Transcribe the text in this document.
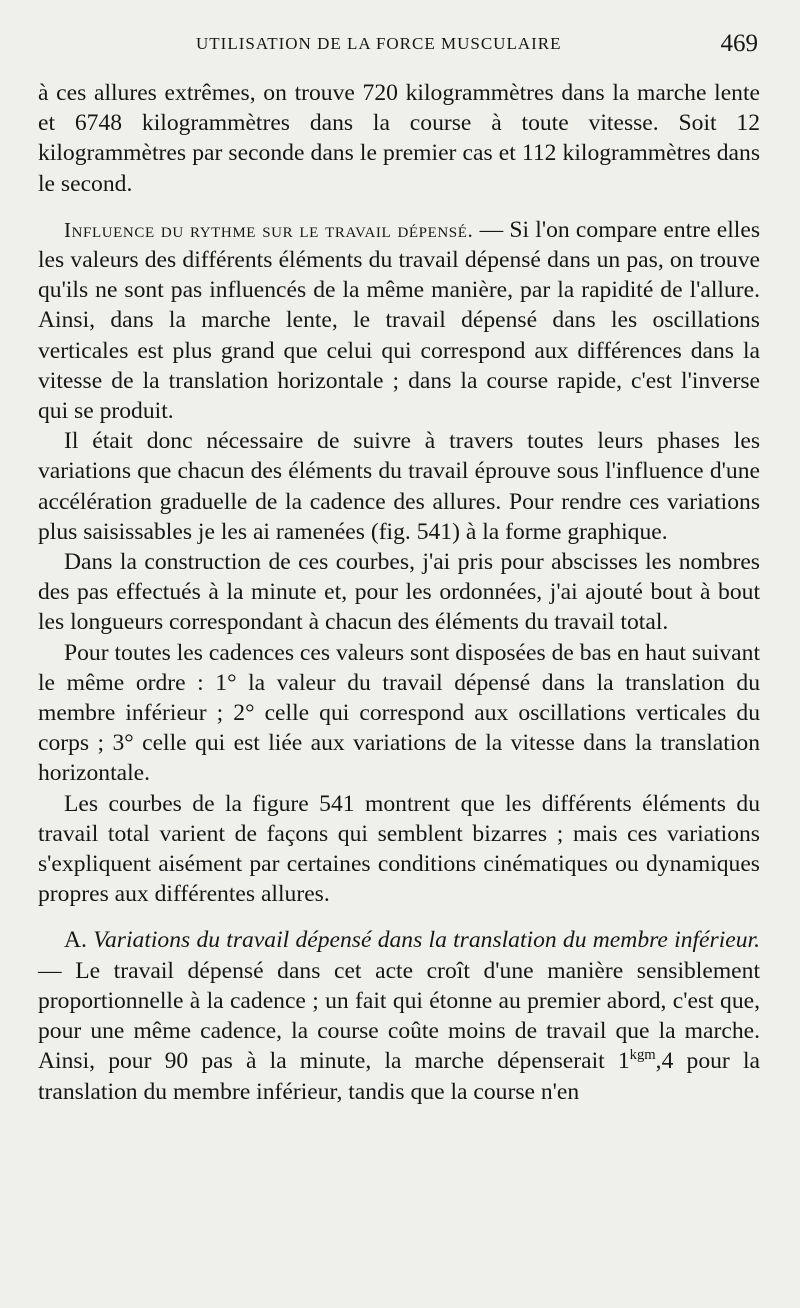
UTILISATION DE LA FORCE MUSCULAIRE	469

à ces allures extrêmes, on trouve 720 kilogrammètres dans la marche lente et 6748 kilogrammètres dans la course à toute vitesse. Soit 12 kilogrammètres par seconde dans le premier cas et 112 kilogrammètres dans le second.

Influence du rythme sur le travail dépensé. — Si l'on compare entre elles les valeurs des différents éléments du travail dépensé dans un pas, on trouve qu'ils ne sont pas influencés de la même manière, par la rapidité de l'allure. Ainsi, dans la marche lente, le travail dépensé dans les oscillations verticales est plus grand que celui qui correspond aux différences dans la vitesse de la translation horizontale ; dans la course rapide, c'est l'inverse qui se produit.

Il était donc nécessaire de suivre à travers toutes leurs phases les variations que chacun des éléments du travail éprouve sous l'influence d'une accélération graduelle de la cadence des allures. Pour rendre ces variations plus saisissables je les ai ramenées (fig. 541) à la forme graphique.

Dans la construction de ces courbes, j'ai pris pour abscisses les nombres des pas effectués à la minute et, pour les ordonnées, j'ai ajouté bout à bout les longueurs correspondant à chacun des éléments du travail total.

Pour toutes les cadences ces valeurs sont disposées de bas en haut suivant le même ordre : 1° la valeur du travail dépensé dans la translation du membre inférieur ; 2° celle qui correspond aux oscillations verticales du corps ; 3° celle qui est liée aux variations de la vitesse dans la translation horizontale.

Les courbes de la figure 541 montrent que les différents éléments du travail total varient de façons qui semblent bizarres ; mais ces variations s'expliquent aisément par certaines conditions cinématiques ou dynamiques propres aux différentes allures.

A. Variations du travail dépensé dans la translation du membre inférieur. — Le travail dépensé dans cet acte croît d'une manière sensiblement proportionnelle à la cadence ; un fait qui étonne au premier abord, c'est que, pour une même cadence, la course coûte moins de travail que la marche. Ainsi, pour 90 pas à la minute, la marche dépenserait $1^{kgm},4$ pour la translation du membre inférieur, tandis que la course n'en
